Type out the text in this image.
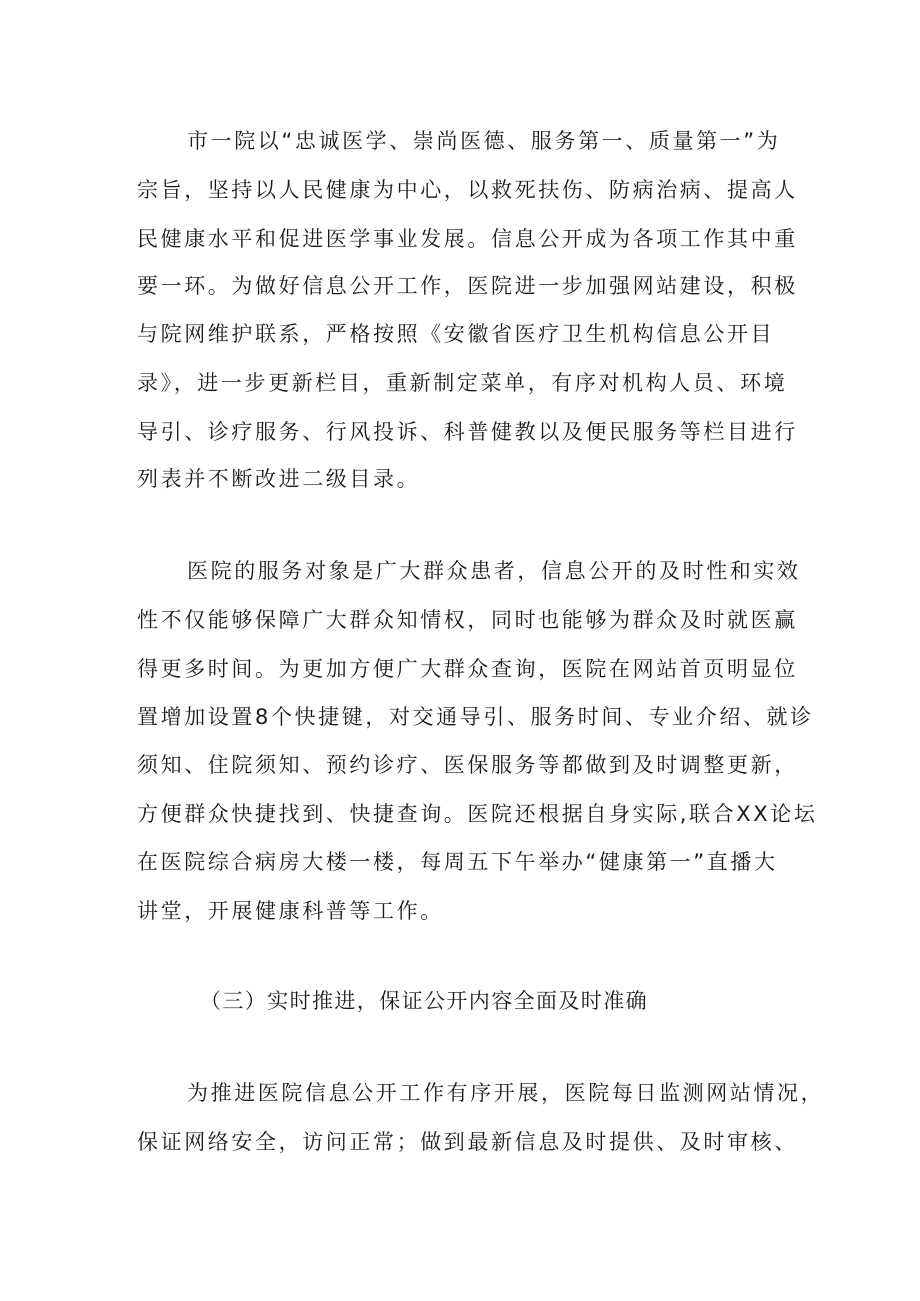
市一院以“忠诚医学、崇尚医德、服务第一、质量第一”为
宗旨，坚持以人民健康为中心，以救死扶伤、防病治病、提高人
民健康水平和促进医学事业发展。信息公开成为各项工作其中重
要一环。为做好信息公开工作，医院进一步加强网站建设，积极
与院网维护联系，严格按照《安徽省医疗卫生机构信息公开目
录》，进一步更新栏目，重新制定菜单，有序对机构人员、环境
导引、诊疗服务、行风投诉、科普健教以及便民服务等栏目进行
列表并不断改进二级目录。
医院的服务对象是广大群众患者，信息公开的及时性和实效
性不仅能够保障广大群众知情权，同时也能够为群众及时就医赢
得更多时间。为更加方便广大群众查询，医院在网站首页明显位
置增加设置8个快捷键，对交通导引、服务时间、专业介绍、就诊
须知、住院须知、预约诊疗、医保服务等都做到及时调整更新，
方便群众快捷找到、快捷查询。医院还根据自身实际,联合XX论坛
在医院综合病房大楼一楼，每周五下午举办“健康第一”直播大
讲堂，开展健康科普等工作。
（三）实时推进，保证公开内容全面及时准确
为推进医院信息公开工作有序开展，医院每日监测网站情况，
保证网络安全，访问正常；做到最新信息及时提供、及时审核、
